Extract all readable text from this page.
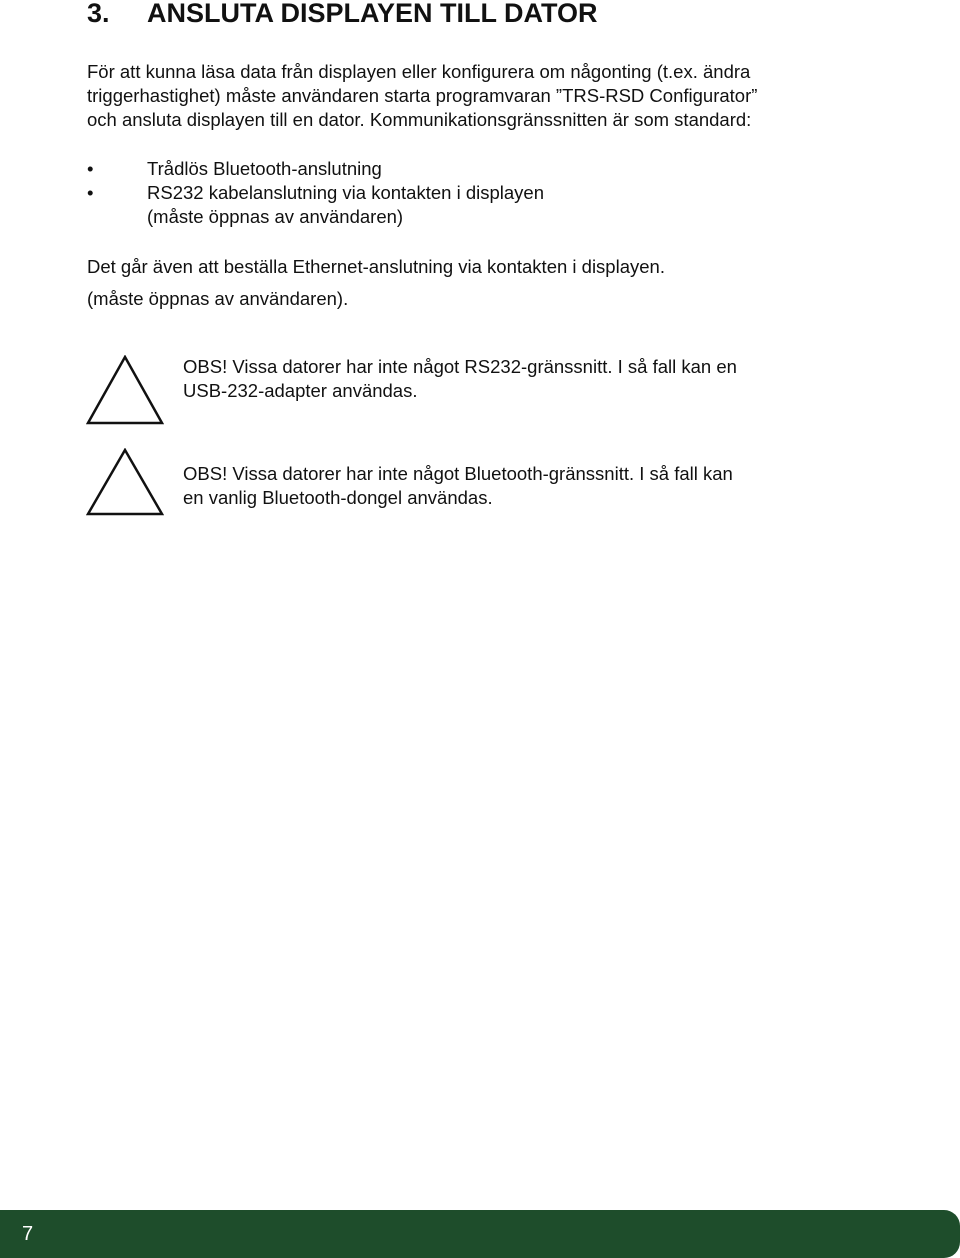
3. ANSLUTA DISPLAYEN TILL DATOR

För att kunna läsa data från displayen eller konfigurera om någonting (t.ex. ändra
triggerhastighet) måste användaren starta programvaran ”TRS-RSD Configurator”
och ansluta displayen till en dator. Kommunikationsgränssnitten är som standard:

•	Trådlös Bluetooth-anslutning
•	RS232 kabelanslutning via kontakten i displayen
(måste öppnas av användaren)

Det går även att beställa Ethernet-anslutning via kontakten i displayen.

(måste öppnas av användaren).

OBS! Vissa datorer har inte något RS232-gränssnitt. I så fall kan en
USB-232-adapter användas.

OBS! Vissa datorer har inte något Bluetooth-gränssnitt. I så fall kan
en vanlig Bluetooth-dongel användas.

7
